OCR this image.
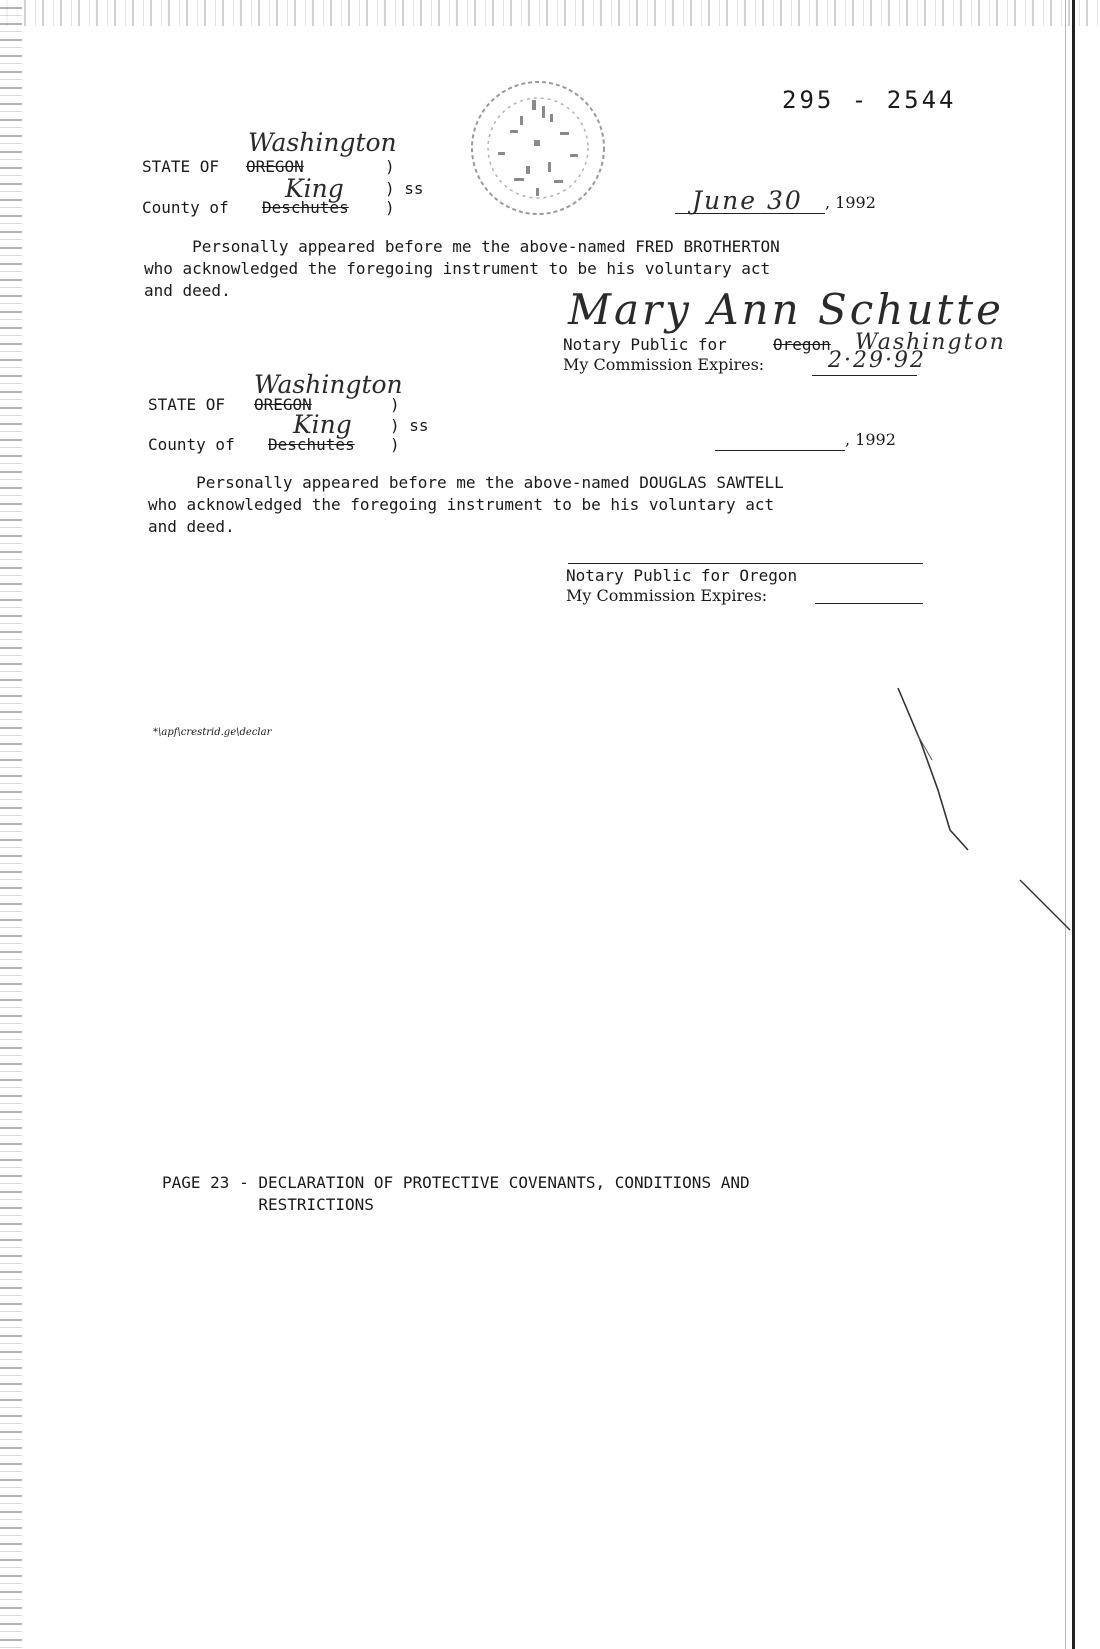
295 - 2544
Washington
STATE OF OREGON	)
) ss
King
County of Deschutes )	June 30 , 1992
Personally appeared before me the above-named FRED BROTHERTON
who acknowledged the foregoing instrument to be his voluntary act
and deed.	Mary Ann Schutte
Notary Public for Oregon Washington
My Commission Expires:	2·29·92
Washington
STATE OF OREGON	)
) ss
King
County of Deschutes )	, 1992
Personally appeared before me the above-named DOUGLAS SAWTELL
who acknowledged the foregoing instrument to be his voluntary act
and deed.
Notary Public for Oregon
My Commission Expires:
*\apf\crestrid.ge\declar
PAGE 23 - DECLARATION OF PROTECTIVE COVENANTS, CONDITIONS AND
RESTRICTIONS
